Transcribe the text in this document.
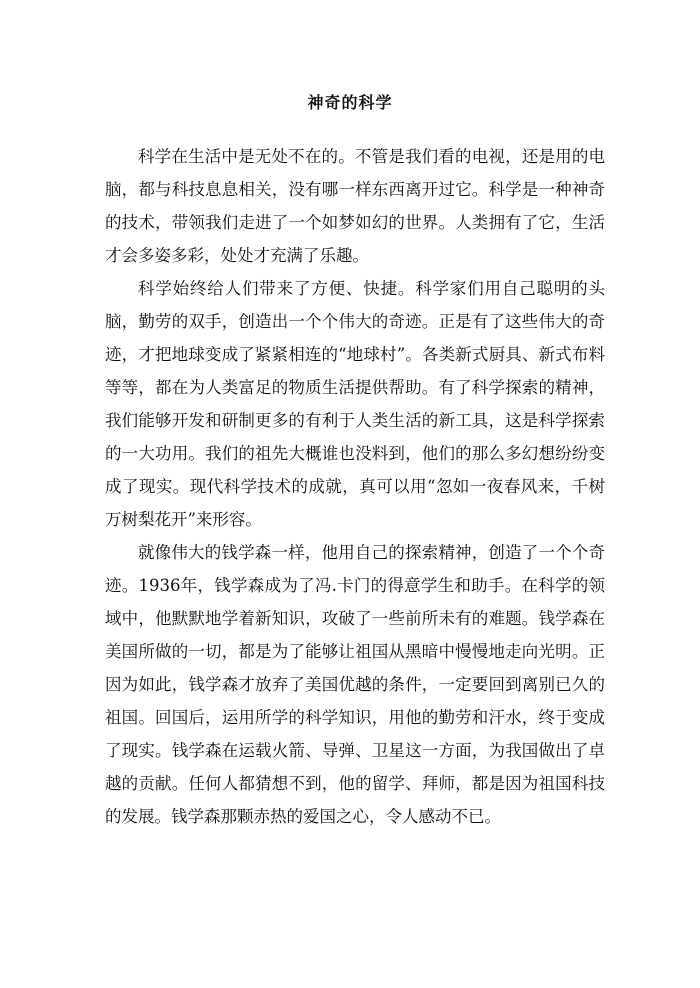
神奇的科学

科学在生活中是无处不在的。不管是我们看的电视，还是用的电脑，都与科技息息相关，没有哪一样东西离开过它。科学是一种神奇的技术，带领我们走进了一个如梦如幻的世界。人类拥有了它，生活才会多姿多彩，处处才充满了乐趣。

科学始终给人们带来了方便、快捷。科学家们用自己聪明的头脑，勤劳的双手，创造出一个个伟大的奇迹。正是有了这些伟大的奇迹，才把地球变成了紧紧相连的“地球村”。各类新式厨具、新式布料等等，都在为人类富足的物质生活提供帮助。有了科学探索的精神，我们能够开发和研制更多的有利于人类生活的新工具，这是科学探索的一大功用。我们的祖先大概谁也没料到，他们的那么多幻想纷纷变成了现实。现代科学技术的成就，真可以用“忽如一夜春风来，千树万树梨花开”来形容。

就像伟大的钱学森一样，他用自己的探索精神，创造了一个个奇迹。1936年，钱学森成为了冯.卡门的得意学生和助手。在科学的领域中，他默默地学着新知识，攻破了一些前所未有的难题。钱学森在美国所做的一切，都是为了能够让祖国从黑暗中慢慢地走向光明。正因为如此，钱学森才放弃了美国优越的条件，一定要回到离别已久的祖国。回国后，运用所学的科学知识，用他的勤劳和汗水，终于变成了现实。钱学森在运载火箭、导弹、卫星这一方面，为我国做出了卓越的贡献。任何人都猜想不到，他的留学、拜师，都是因为祖国科技的发展。钱学森那颗赤热的爱国之心，令人感动不已。
